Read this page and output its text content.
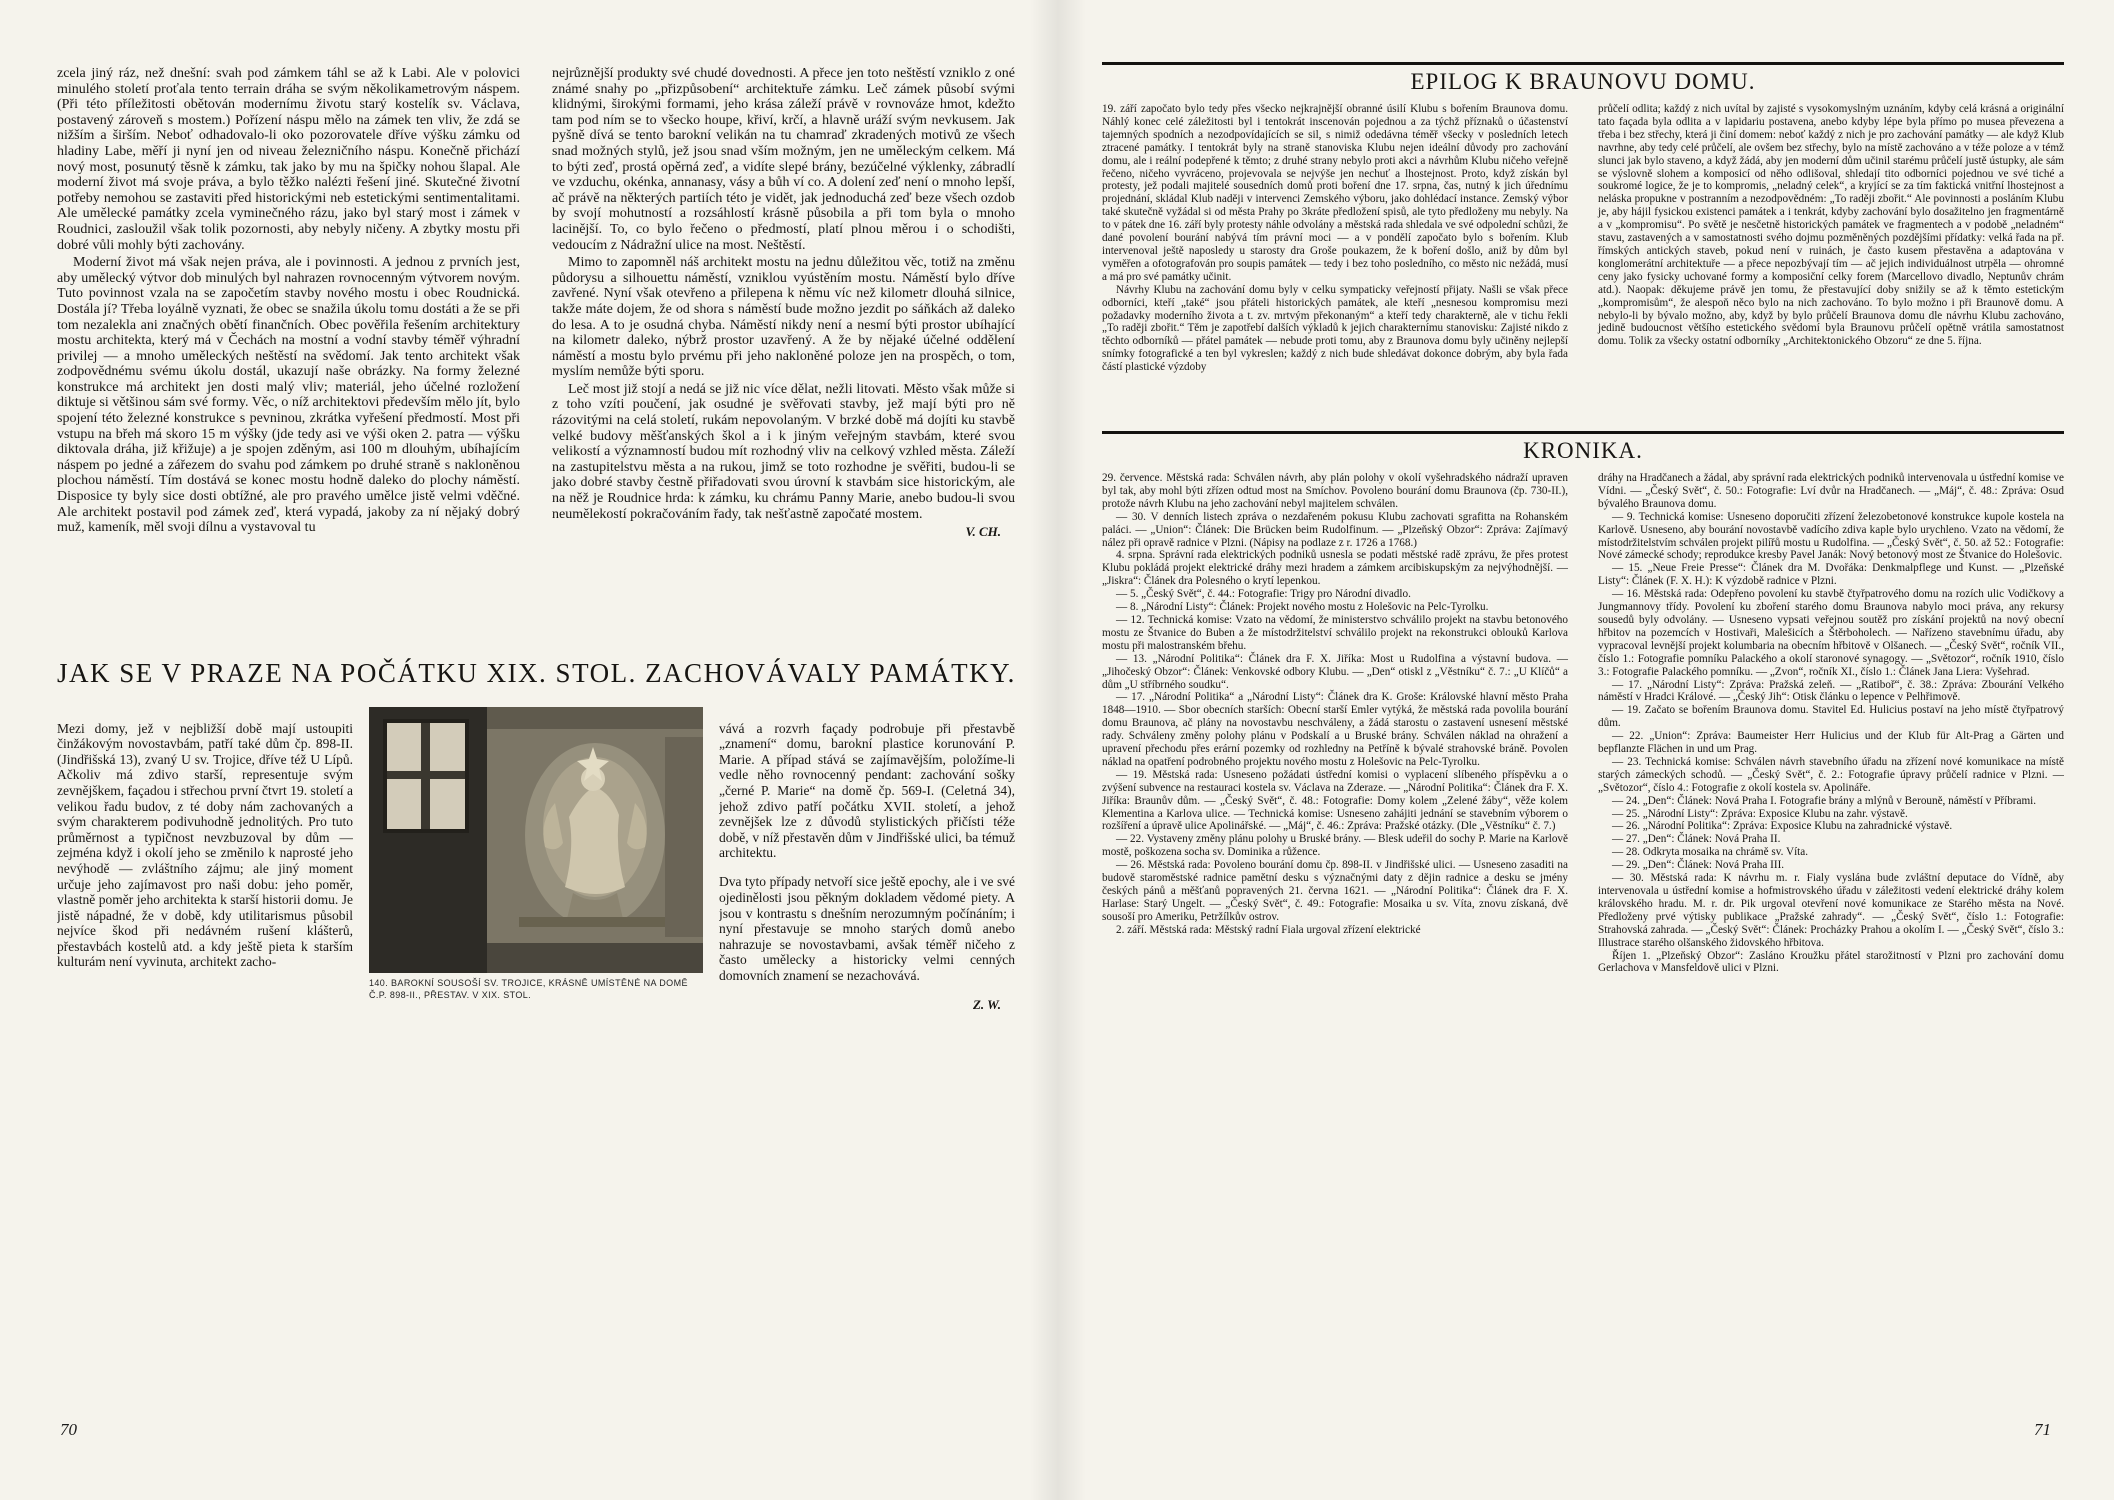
zcela jiný ráz, než dnešní: svah pod zámkem táhl se až k Labi. Ale v polovici minulého století proťala tento terrain dráha se svým několikametrovým náspem. (Při této příležitosti obětován modernímu životu starý kostelík sv. Václava, postavený zároveň s mostem.) Pořízení náspu mělo na zámek ten vliv, že zdá se nižším a širším. Neboť odhadovalo-li oko pozorovatele dříve výšku zámku od hladiny Labe, měří ji nyní jen od niveau železničního náspu. Konečně přichází nový most, posunutý těsně k zámku, tak jako by mu na špičky nohou šlapal. Ale moderní život má svoje práva, a bylo těžko nalézti řešení jiné. Skutečné životní potřeby nemohou se zastaviti před historickými neb estetickými sentimentalitami. Ale umělecké památky zcela vyminečného rázu, jako byl starý most i zámek v Roudnici, zasloužil však tolik pozornosti, aby nebyly ničeny. A zbytky mostu při dobré vůli mohly býti zachovány.

Moderní život má však nejen práva, ale i povinnosti. A jednou z prvních jest, aby umělecký výtvor dob minulých byl nahrazen rovnocenným výtvorem novým. Tuto povinnost vzala na se započetím stavby nového mostu i obec Roudnická. Dostála jí? Třeba loyálně vyznati, že obec se snažila úkolu tomu dostáti a že se při tom nezalekla ani značných obětí finančních. Obec pověřila řešením architektury mostu architekta, který má v Čechách na mostní a vodní stavby téměř výhradní privilej — a mnoho uměleckých neštěstí na svědomí. Jak tento architekt však zodpovědnému svému úkolu dostál, ukazují naše obrázky. Na formy železné konstrukce má architekt jen dosti malý vliv; materiál, jeho účelné rozložení diktuje si většinou sám své formy. Věc, o níž architektovi především mělo jít, bylo spojení této železné konstrukce s pevninou, zkrátka vyřešení předmostí. Most při vstupu na břeh má skoro 15 m výšky (jde tedy asi ve výši oken 2. patra — výšku diktovala dráha, již křižuje) a je spojen zděným, asi 100 m dlouhým, ubíhajícím náspem po jedné a zářezem do svahu pod zámkem po druhé straně s nakloněnou plochou náměstí. Tím dostává se konec mostu hodně daleko do plochy náměstí. Disposice ty byly sice dosti obtížné, ale pro pravého umělce jistě velmi vděčné. Ale architekt postavil pod zámek zeď, která vypadá, jakoby za ní nějaký dobrý muž, kameník, měl svoji dílnu a vystavoval tu

nejrůznější produkty své chudé dovednosti. A přece jen toto neštěstí vzniklo z oné známé snahy po „přizpůsobení“ architektuře zámku. Leč zámek působí svými klidnými, širokými formami, jeho krása záleží právě v rovnováze hmot, kdežto tam pod ním se to všecko houpe, křiví, krčí, a hlavně uráží svým nevkusem. Jak pyšně dívá se tento barokní velikán na tu chamraď zkradených motivů ze všech snad možných stylů, jež jsou snad vším možným, jen ne uměleckým celkem. Má to býti zeď, prostá opěrná zeď, a vidíte slepé brány, bezúčelné výklenky, zábradlí ve vzduchu, okénka, annanasy, vásy a bůh ví co. A dolení zeď není o mnoho lepší, ač právě na některých partiích této je vidět, jak jednoduchá zeď beze všech ozdob by svojí mohutností a rozsáhlostí krásně působila a při tom byla o mnoho lacinější. To, co bylo řečeno o předmostí, platí plnou měrou i o schodišti, vedoucím z Nádražní ulice na most. Neštěstí.

Mimo to zapomněl náš architekt mostu na jednu důležitou věc, totiž na změnu půdorysu a silhouettu náměstí, vzniklou vyústěním mostu. Náměstí bylo dříve zavřené. Nyní však otevřeno a přilepena k němu víc než kilometr dlouhá silnice, takže máte dojem, že od shora s náměstí bude možno jezdit po sáňkách až daleko do lesa. A to je osudná chyba. Náměstí nikdy není a nesmí býti prostor ubíhající na kilometr daleko, nýbrž prostor uzavřený. A že by nějaké účelné oddělení náměstí a mostu bylo prvému při jeho nakloněné poloze jen na prospěch, o tom, myslím nemůže býti sporu.

Leč most již stojí a nedá se již nic více dělat, nežli litovati. Město však může si z toho vzíti poučení, jak osudné je svěřovati stavby, jež mají býti pro ně rázovitými na celá století, rukám nepovolaným. V brzké době má dojíti ku stavbě velké budovy měšťanských škol a i k jiným veřejným stavbám, které svou velikostí a významností budou mít rozhodný vliv na celkový vzhled města. Záleží na zastupitelstvu města a na rukou, jimž se toto rozhodne je svěřiti, budou-li se jako dobré stavby čestně přiřadovati svou úrovní k stavbám sice historickým, ale na něž je Roudnice hrda: k zámku, ku chrámu Panny Marie, anebo budou-li svou neumělekostí pokračováním řady, tak nešťastně započaté mostem.

V. CH.
JAK SE V PRAZE NA POČÁTKU XIX. STOL. ZACHOVÁVALY PAMÁTKY.

Mezi domy, jež v nejbližší době mají ustoupiti činžákovým novostavbám, patří také dům čp. 898-II. (Jindřišská 13), zvaný U sv. Trojice, dříve též U Lípů. Ačkoliv má zdivo starší, representuje svým zevnějškem, façadou i střechou první čtvrt 19. století a velikou řadu budov, z té doby nám zachovaných a svým charakterem podivuhodně jednolitých. Pro tuto průměrnost a typičnost nevzbuzoval by dům — zejména když i okolí jeho se změnilo k naprosté jeho nevýhodě — zvláštního zájmu; ale jiný moment určuje jeho zajímavost pro naši dobu: jeho poměr, vlastně poměr jeho architekta k starší historii domu. Je jistě nápadné, že v době, kdy utilitarismus působil nejvíce škod při nedávném rušení klášterů, přestavbách kostelů atd. a kdy ještě pieta k starším kulturám není vyvinuta, architekt zacho-

140. BAROKNÍ SOUSOŠÍ SV. TROJICE, KRÁSNĚ UMÍSTĚNÉ NA DOMĚ Č.P. 898-II., PŘESTAV. V XIX. STOL.

vává a rozvrh façady podrobuje při přestavbě „znamení“ domu, barokní plastice korunování P. Marie. A případ stává se zajímavějším, položíme-li vedle něho rovnocenný pendant: zachování sošky „černé P. Marie“ na domě čp. 569-I. (Celetná 34), jehož zdivo patří počátku XVII. století, a jehož zevnějšek lze z důvodů stylistických přičísti téže době, v níž přestavěn dům v Jindřišské ulici, ba témuž architektu.

Dva tyto případy netvoří sice ještě epochy, ale i ve své ojedinělosti jsou pěkným dokladem vědomé piety. A jsou v kontrastu s dnešním nerozumným počínáním; i nyní přestavuje se mnoho starých domů anebo nahrazuje se novostavbami, avšak téměř ničeho z často umělecky a historicky velmi cenných domovních znamení se nezachovává.

Z. W.
70
EPILOG K BRAUNOVU DOMU.

19. září započato bylo tedy přes všecko nejkrajnější obranné úsilí Klubu s bořením Braunova domu. Náhlý konec celé záležitosti byl i tentokrát inscenován pojednou a za týchž příznaků o účastenství tajemných spodních a nezodpovídajících se sil, s nimiž odedávna téměř všecky v posledních letech ztracené památky. I tentokrát byly na straně stanoviska Klubu nejen ideální důvody pro zachování domu, ale i reální podepřené k těmto; z druhé strany nebylo proti akci a návrhům Klubu ničeho veřejně řečeno, ničeho vyvráceno, projevovala se nejvýše jen nechuť a lhostejnost. Proto, když získán byl protesty, jež podali majitelé sousedních domů proti boření dne 17. srpna, čas, nutný k jich úřednímu projednání, skládal Klub naději v intervenci Zemského výboru, jako dohlédací instance. Zemský výbor také skutečně vyžádal si od města Prahy po 3kráte předložení spisů, ale tyto předloženy mu nebyly. Na to v pátek dne 16. září byly protesty náhle odvolány a městská rada shledala ve své odpolední schůzi, že dané povolení bourání nabývá tím právní moci — a v pondělí započato bylo s bořením. Klub intervenoval ještě naposledy u starosty dra Groše poukazem, že k boření došlo, aniž by dům byl vyměřen a ofotografován pro soupis památek — tedy i bez toho posledního, co město nic nežádá, musí a má pro své památky učinit.

Návrhy Klubu na zachování domu byly v celku sympaticky veřejností přijaty. Našli se však přece odborníci, kteří „také“ jsou přáteli historických památek, ale kteří „nesnesou kompromisu mezi požadavky moderního života a t. zv. mrtvým překonaným“ a kteří tedy charakterně, ale v tichu řekli „To raději zbořit.“ Těm je zapotřebí dalších výkladů k jejich charakternímu stanovisku: Zajisté nikdo z těchto odborníků — přátel památek — nebude proti tomu, aby z Braunova domu byly učiněny nejlepší snímky fotografické a ten byl vykreslen; každý z nich bude shledávat dokonce dobrým, aby byla řada částí plastické výzdoby

průčelí odlita; každý z nich uvítal by zajisté s vysokomyslným uznáním, kdyby celá krásná a originální tato façada byla odlita a v lapidariu postavena, anebo kdyby lépe byla přímo po musea převezena a třeba i bez střechy, která ji činí domem: neboť každý z nich je pro zachování památky — ale když Klub navrhne, aby tedy celé průčelí, ale ovšem bez střechy, bylo na místě zachováno a v téže poloze a v témž slunci jak bylo staveno, a když žádá, aby jen moderní dům učinil starému průčelí justě ústupky, ale sám se výslovně slohem a komposicí od něho odlišoval, shledají tito odborníci pojednou ve své tiché a soukromé logice, že je to kompromis, „neladný celek“, a kryjící se za tím faktická vnitřní lhostejnost a neláska propukne v postranním a nezodpovědném: „To raději zbořit.“ Ale povinnosti a posláním Klubu je, aby hájil fysickou existenci památek a i tenkrát, kdyby zachování bylo dosažitelno jen fragmentárně a v „kompromisu“. Po světě je nesčetně historických památek ve fragmentech a v podobě „neladném“ stavu, zastavených a v samostatnosti svého dojmu pozměněných pozdějšími přídatky: velká řada na př. římských antických staveb, pokud není v ruinách, je často kusem přestavěna a adaptována v konglomerátní architektuře — a přece nepozbývají tím — ač jejich individuálnost utrpěla — ohromné ceny jako fysicky uchované formy a komposiční celky forem (Marcellovo divadlo, Neptunův chrám atd.). Naopak: děkujeme právě jen tomu, že přestavující doby snižily se až k těmto estetickým „kompromisům“, že alespoň něco bylo na nich zachováno. To bylo možno i při Braunově domu. A nebylo-li by bývalo možno, aby, když by bylo průčelí Braunova domu dle návrhu Klubu zachováno, jedině budoucnost většího estetického svědomí byla Braunovu průčelí opětně vrátila samostatnost domu. Tolik za všecky ostatní odborníky „Architektonického Obzoru“ ze dne 5. října.

KRONIKA.

29. července. Městská rada: Schválen návrh, aby plán polohy v okolí vyšehradského nádraží upraven byl tak, aby mohl býti zřízen odtud most na Smíchov. Povoleno bourání domu Braunova (čp. 730-II.), protože návrh Klubu na jeho zachování nebyl majitelem schválen.

— 30. V denních listech zpráva o nezdařeném pokusu Klubu zachovati sgrafitta na Rohanském paláci. — „Union“: Článek: Die Brücken beim Rudolfinum. — „Plzeňský Obzor“: Zpráva: Zajímavý nález při opravě radnice v Plzni. (Nápisy na podlaze z r. 1726 a 1768.)

4. srpna. Správní rada elektrických podniků usnesla se podati městské radě zprávu, že přes protest Klubu pokládá projekt elektrické dráhy mezi hradem a zámkem arcibiskupským za nejvýhodnější. — „Jiskra“: Článek dra Polesného o krytí lepenkou.

— 5. „Český Svět“, č. 44.: Fotografie: Trigy pro Národní divadlo.

— 8. „Národní Listy“: Článek: Projekt nového mostu z Holešovic na Pelc-Tyrolku.

— 12. Technická komise: Vzato na vědomí, že ministerstvo schválilo projekt na stavbu betonového mostu ze Štvanice do Buben a že místodržitelství schválilo projekt na rekonstrukci oblouků Karlova mostu při malostranském břehu.

— 13. „Národní Politika“: Článek dra F. X. Jiříka: Most u Rudolfina a výstavní budova. — „Jihočeský Obzor“: Článek: Venkovské odbory Klubu. — „Den“ otiskl z „Věstníku“ č. 7.: „U Klíčů“ a dům „U stříbrného soudku“.

— 17. „Národní Politika“ a „Národní Listy“: Článek dra K. Groše: Královské hlavní město Praha 1848—1910. — Sbor obecních starších: Obecní starší Emler vytýká, že městská rada povolila bourání domu Braunova, ač plány na novostavbu neschváleny, a žádá starostu o zastavení usnesení městské rady. Schváleny změny polohy plánu v Podskalí a u Bruské brány. Schválen náklad na ohražení a upravení přechodu přes erární pozemky od rozhledny na Petříně k bývalé strahovské bráně. Povolen náklad na opatření podrobného projektu nového mostu z Holešovic na Pelc-Tyrolku.

— 19. Městská rada: Usneseno požádati ústřední komisi o vyplacení slíbeného příspěvku a o zvýšení subvence na restauraci kostela sv. Václava na Zderaze. — „Národní Politika“: Článek dra F. X. Jiříka: Braunův dům. — „Český Svět“, č. 48.: Fotografie: Domy kolem „Zelené žáby“, věže kolem Klementina a Karlova ulice. — Technická komise: Usneseno zahájiti jednání se stavebním výborem o rozšíření a úpravě ulice Apolinářské. — „Máj“, č. 46.: Zpráva: Pražské otázky. (Dle „Věstníku“ č. 7.)

— 22. Vystaveny změny plánu polohy u Bruské brány. — Blesk udeřil do sochy P. Marie na Karlově mostě, poškozena socha sv. Dominika a růžence.

— 26. Městská rada: Povoleno bourání domu čp. 898-II. v Jindřišské ulici. — Usneseno zasaditi na budově staroměstské radnice pamětní desku s význačnými daty z dějin radnice a desku se jmény českých pánů a měšťanů popravených 21. června 1621. — „Národní Politika“: Článek dra F. X. Harlase: Starý Ungelt. — „Český Svět“, č. 49.: Fotografie: Mosaika u sv. Víta, znovu získaná, dvě sousoší pro Ameriku, Petržílkův ostrov.

2. září. Městská rada: Městský radní Fiala urgoval zřízení elektrické

dráhy na Hradčanech a žádal, aby správní rada elektrických podniků intervenovala u ústřední komise ve Vídni. — „Český Svět“, č. 50.: Fotografie: Lví dvůr na Hradčanech. — „Máj“, č. 48.: Zpráva: Osud bývalého Braunova domu.

— 9. Technická komise: Usneseno doporučiti zřízení železobetonové konstrukce kupole kostela na Karlově. Usneseno, aby bourání novostavbě vadícího zdiva kaple bylo urychleno. Vzato na vědomí, že místodržitelstvím schválen projekt pilířů mostu u Rudolfina. — „Český Svět“, č. 50. až 52.: Fotografie: Nové zámecké schody; reprodukce kresby Pavel Janák: Nový betonový most ze Štvanice do Holešovic.

— 15. „Neue Freie Presse“: Článek dra M. Dvořáka: Denkmalpflege und Kunst. — „Plzeňské Listy“: Článek (F. X. H.): K výzdobě radnice v Plzni.

— 16. Městská rada: Odepřeno povolení ku stavbě čtyřpatrového domu na rozích ulic Vodičkovy a Jungmannovy třídy. Povolení ku zboření starého domu Braunova nabylo moci práva, any rekursy sousedů byly odvolány. — Usneseno vypsati veřejnou soutěž pro získání projektů na nový obecní hřbitov na pozemcích v Hostivaři, Malešicích a Štěrboholech. — Nařízeno stavebnímu úřadu, aby vypracoval levnější projekt kolumbaria na obecním hřbitově v Olšanech. — „Český Svět“, ročník VII., číslo 1.: Fotografie pomníku Palackého a okolí staronové synagogy. — „Světozor“, ročník 1910, číslo 3.: Fotografie Palackého pomníku. — „Zvon“, ročník XI., číslo 1.: Článek Jana Liera: Vyšehrad.

— 17. „Národní Listy“: Zpráva: Pražská zeleň. — „Ratiboř“, č. 38.: Zpráva: Zbourání Velkého náměstí v Hradci Králové. — „Český Jih“: Otisk článku o lepence v Pelhřimově.

— 19. Začato se bořením Braunova domu. Stavitel Ed. Hulicius postaví na jeho místě čtyřpatrový dům.

— 22. „Union“: Zpráva: Baumeister Herr Hulicius und der Klub für Alt-Prag a Gärten und bepflanzte Flächen in und um Prag.

— 23. Technická komise: Schválen návrh stavebního úřadu na zřízení nové komunikace na místě starých zámeckých schodů. — „Český Svět“, č. 2.: Fotografie úpravy průčelí radnice v Plzni. — „Světozor“, číslo 4.: Fotografie z okolí kostela sv. Apolináře.

— 24. „Den“: Článek: Nová Praha I. Fotografie brány a mlýnů v Berouně, náměstí v Příbrami.

— 25. „Národní Listy“: Zpráva: Exposice Klubu na zahr. výstavě.

— 26. „Národní Politika“: Zpráva: Exposice Klubu na zahradnické výstavě.

— 27. „Den“: Článek: Nová Praha II.

— 28. Odkryta mosaika na chrámě sv. Víta.

— 29. „Den“: Článek: Nová Praha III.

— 30. Městská rada: K návrhu m. r. Fialy vyslána bude zvláštní deputace do Vídně, aby intervenovala u ústřední komise a hofmistrovského úřadu v záležitosti vedení elektrické dráhy kolem královského hradu. M. r. dr. Pik urgoval otevření nové komunikace ze Starého města na Nové. Předloženy prvé výtisky publikace „Pražské zahrady“. — „Český Svět“, číslo 1.: Fotografie: Strahovská zahrada. — „Český Svět“: Článek: Procházky Prahou a okolím I. — „Český Svět“, číslo 3.: Illustrace starého olšanského židovského hřbitova.

Říjen 1. „Plzeňský Obzor“: Zasláno Kroužku přátel starožitností v Plzni pro zachování domu Gerlachova v Mansfeldově ulici v Plzni.

71
